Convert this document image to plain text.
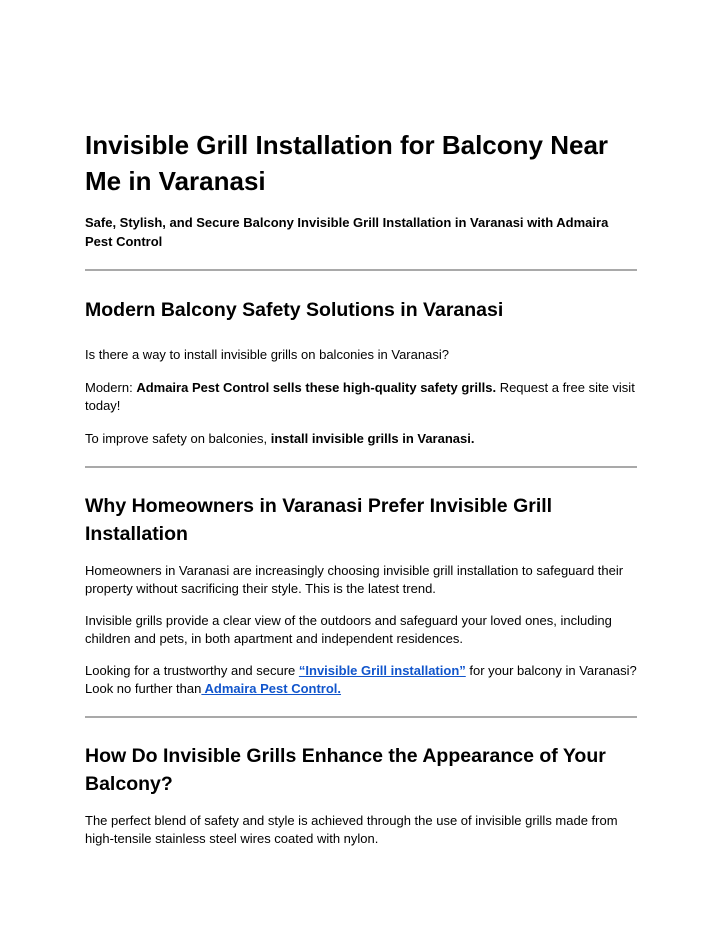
Invisible Grill Installation for Balcony Near Me in Varanasi

Safe, Stylish, and Secure Balcony Invisible Grill Installation in Varanasi with Admaira Pest Control

Modern Balcony Safety Solutions in Varanasi

Is there a way to install invisible grills on balconies in Varanasi?

Modern: Admaira Pest Control sells these high-quality safety grills. Request a free site visit today!

To improve safety on balconies, install invisible grills in Varanasi.

Why Homeowners in Varanasi Prefer Invisible Grill Installation

Homeowners in Varanasi are increasingly choosing invisible grill installation to safeguard their property without sacrificing their style. This is the latest trend.

Invisible grills provide a clear view of the outdoors and safeguard your loved ones, including children and pets, in both apartment and independent residences.

Looking for a trustworthy and secure “Invisible Grill installation” for your balcony in Varanasi? Look no further than Admaira Pest Control.

How Do Invisible Grills Enhance the Appearance of Your Balcony?

The perfect blend of safety and style is achieved through the use of invisible grills made from high-tensile stainless steel wires coated with nylon.
